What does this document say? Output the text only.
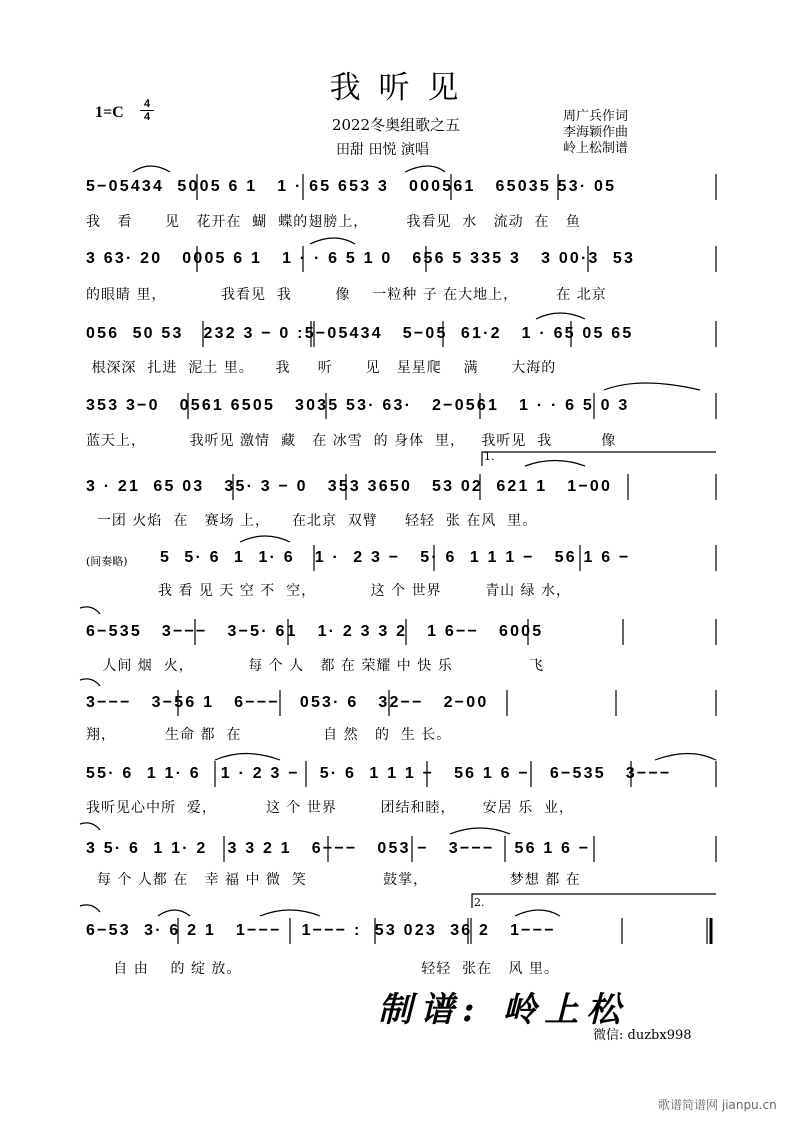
我 听 见
1=C	4
4	2022冬奥组歌之五
田甜 田悦 演唱
周广兵作词
李海颖作曲
岭上松制谱
5−05434  5005 6 1   1 · 65 653 3   000561   65035 53· 05
我   看      见   花开在  蝴  蝶的翅膀上，       我看见  水   流动  在   鱼
3 63· 20   0005 6 1   1 · · 6 5 1 0   656 5 335 3   3 00·3  53
的眼睛 里，          我看见  我        像    一粒种 子 在大地上，       在 北京
056  50 53   232 3 − 0 :5−05434   5−05  61·2   1 · 65 05 65
根深深  扎进  泥土 里。    我     听      见   星星爬    满      大海的
353 3−0   0561 6505   3035 53· 63·   2−0561   1 · · 6 5 0 3
蓝天上，        我听见 激情  藏   在 冰雪  的 身体  里，   我听见  我         像
3 · 21  65 03   35· 3 − 0   353 3650   53 02  621 1   1−00
一团 火焰  在   赛场 上，    在北京  双臂     轻轻  张 在风  里。
(间奏略) 5  5· 6  1  1· 6   1 ·  2 3 −   5· 6  1 1 1 −   56 1 6 −
我 看 见 天 空 不  空，          这 个 世界        青山 绿 水，
6−535   3−−−   3−5· 61   1· 2 3 3 2   1 6−−   6005
人间 烟  火，          每 个 人   都 在 荣耀 中 快 乐              飞
3−−−   3−56 1   6−−−   053· 6   32−−   2−00
翔，         生命 都  在               自 然   的  生 长。
55· 6  1 1· 6   1 · 2 3 −   5· 6  1 1 1 −   56 1 6 −   6−535   3−−−
我听见心中所  爱，         这 个 世界        团结和睦，     安居 乐  业，
3 5· 6  1 1· 2   3 3 2 1   6−−−   053 −   3−−−   56 1 6 −
每 个 人都 在   幸 福 中 微  笑              鼓掌，               梦想 都 在
6−53  3· 6 2 1   1−−−   1−−− :  53 023  36 2   1−−−
自 由    的 绽 放。                                 轻轻  张在   风 里。
1.
2.
制谱: 岭上松
微信: duzbx998
歌谱简谱网 jianpu.cn
